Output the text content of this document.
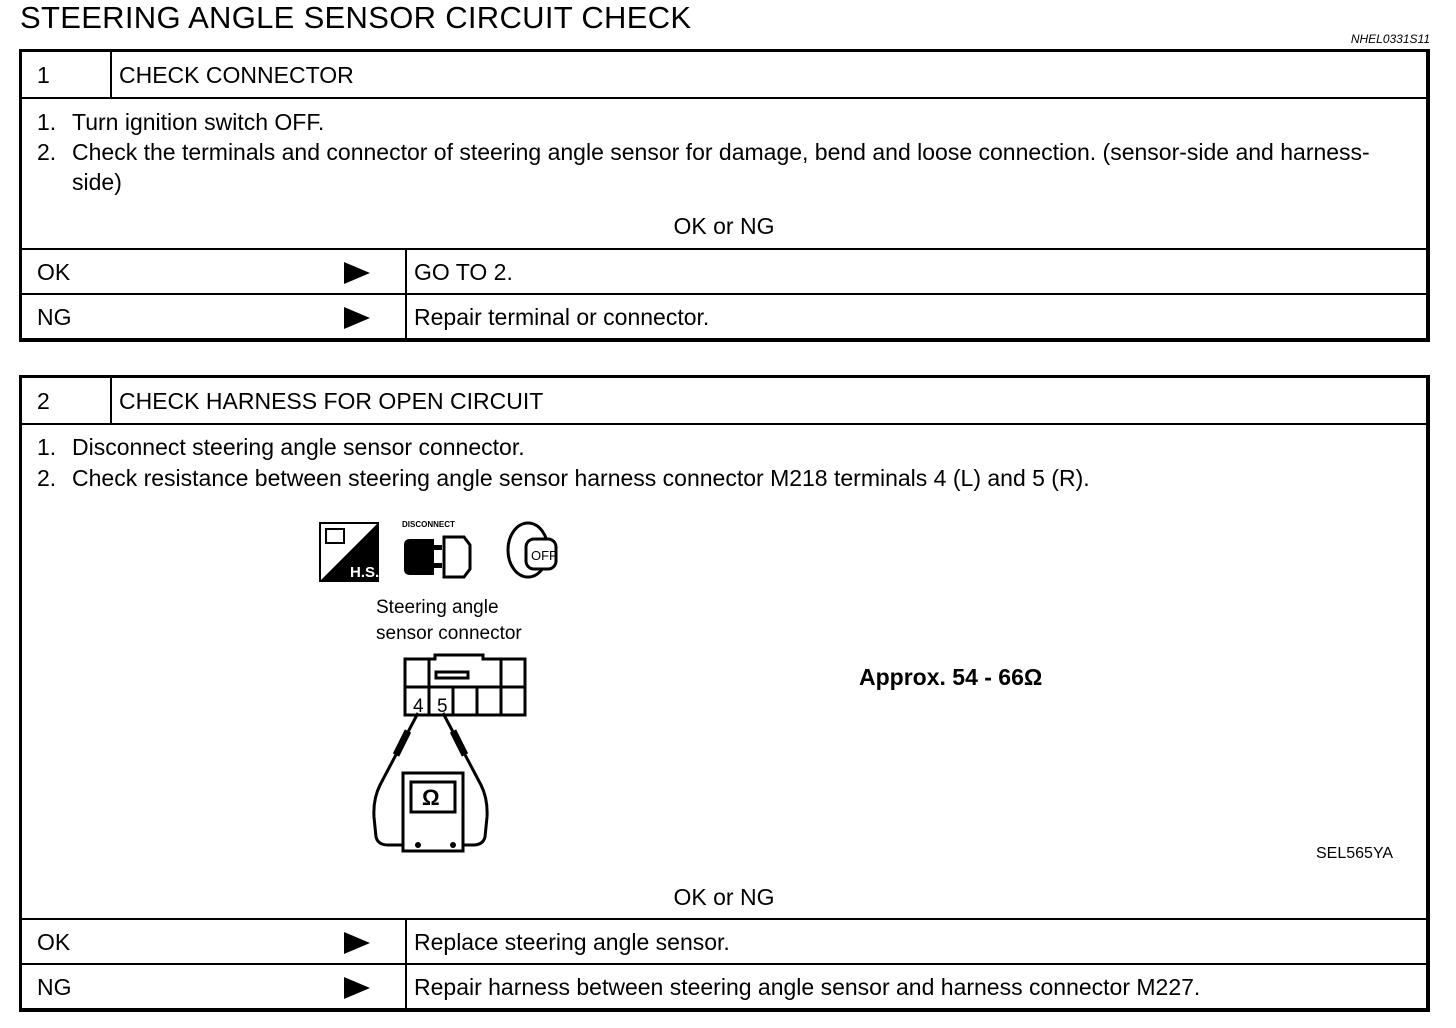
STEERING ANGLE SENSOR CIRCUIT CHECK
NHEL0331S11
1	CHECK CONNECTOR
1. Turn ignition switch OFF.
2. Check the terminals and connector of steering angle sensor for damage, bend and loose connection. (sensor-side and harness-side)
OK or NG
OK	GO TO 2.
NG	Repair terminal or connector.
2	CHECK HARNESS FOR OPEN CIRCUIT
1. Disconnect steering angle sensor connector.
2. Check resistance between steering angle sensor harness connector M218 terminals 4 (L) and 5 (R).
H.S.
DISCONNECT
OFF
Steering angle
sensor connector
4 5
Ω
Approx. 54 - 66Ω
SEL565YA
OK or NG
OK	Replace steering angle sensor.
NG	Repair harness between steering angle sensor and harness connector M227.
